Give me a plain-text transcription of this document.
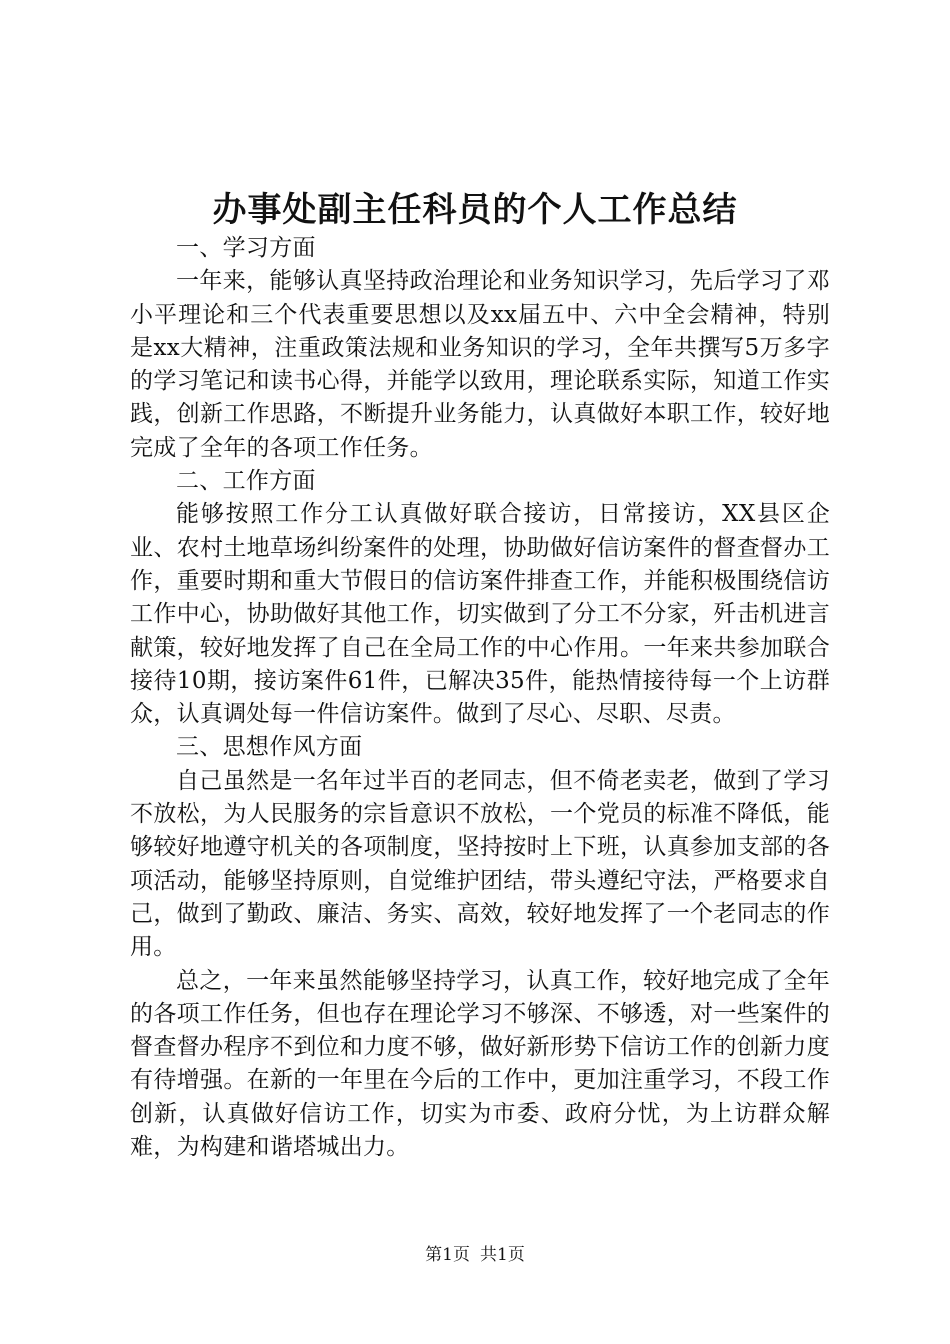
办事处副主任科员的个人工作总结

一、学习方面

一年来，能够认真坚持政治理论和业务知识学习，先后学习了邓小平理论和三个代表重要思想以及xx届五中、六中全会精神，特别是xx大精神，注重政策法规和业务知识的学习，全年共撰写5万多字的学习笔记和读书心得，并能学以致用，理论联系实际，知道工作实践，创新工作思路，不断提升业务能力，认真做好本职工作，较好地完成了全年的各项工作任务。

二、工作方面

能够按照工作分工认真做好联合接访，日常接访，XX县区企业、农村土地草场纠纷案件的处理，协助做好信访案件的督查督办工作，重要时期和重大节假日的信访案件排查工作，并能积极围绕信访工作中心，协助做好其他工作，切实做到了分工不分家，歼击机进言献策，较好地发挥了自己在全局工作的中心作用。一年来共参加联合接待10期，接访案件61件，已解决35件，能热情接待每一个上访群众，认真调处每一件信访案件。做到了尽心、尽职、尽责。

三、思想作风方面

自己虽然是一名年过半百的老同志，但不倚老卖老，做到了学习不放松，为人民服务的宗旨意识不放松，一个党员的标准不降低，能够较好地遵守机关的各项制度，坚持按时上下班，认真参加支部的各项活动，能够坚持原则，自觉维护团结，带头遵纪守法，严格要求自己，做到了勤政、廉洁、务实、高效，较好地发挥了一个老同志的作用。

总之，一年来虽然能够坚持学习，认真工作，较好地完成了全年的各项工作任务，但也存在理论学习不够深、不够透，对一些案件的督查督办程序不到位和力度不够，做好新形势下信访工作的创新力度有待增强。在新的一年里在今后的工作中，更加注重学习，不段工作创新，认真做好信访工作，切实为市委、政府分忧，为上访群众解难，为构建和谐塔城出力。

第1页 共1页
